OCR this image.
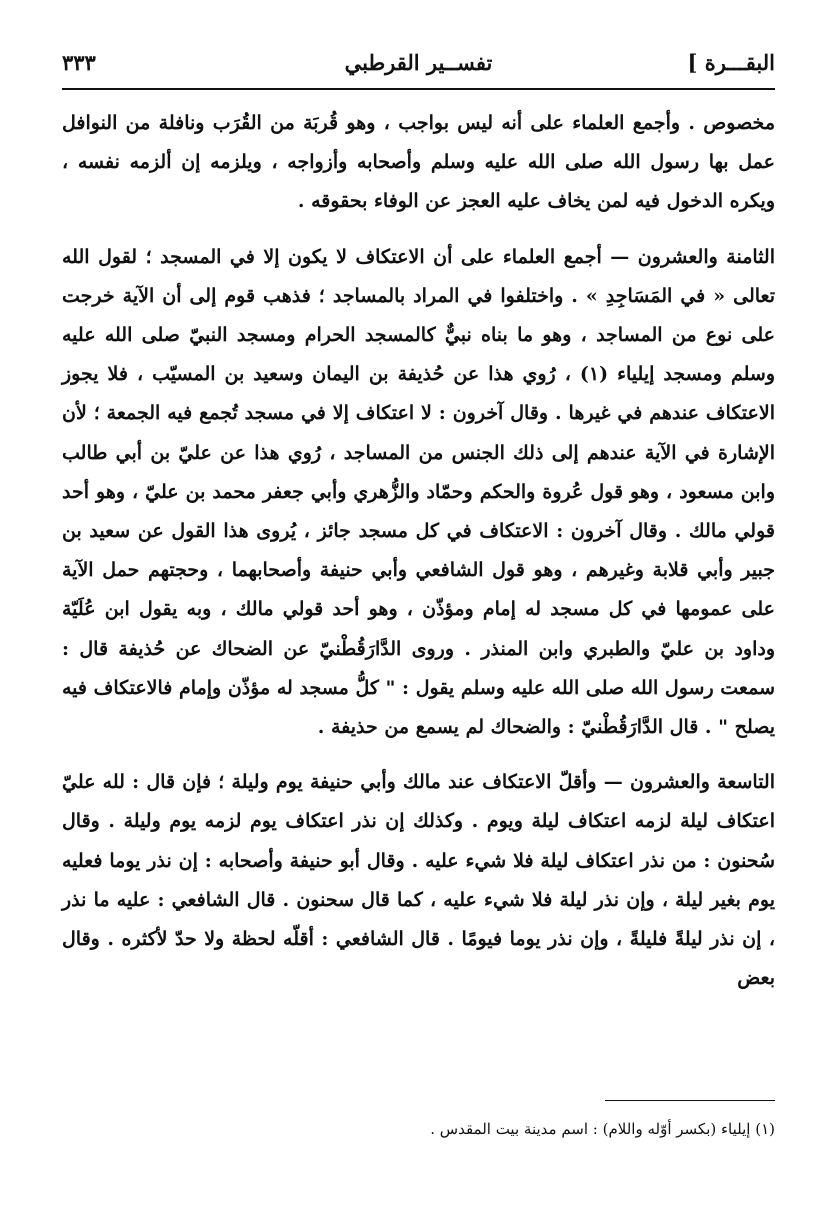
البقـــرة ]
تفســير القرطبي
٣٣٣

مخصوص . وأجمع العلماء على أنه ليس بواجب ، وهو قُربَة من القُرَب ونافلة من النوافل عمل بها رسول الله صلى الله عليه وسلم وأصحابه وأزواجه ، ويلزمه إن ألزمه نفسه ، ويكره الدخول فيه لمن يخاف عليه العجز عن الوفاء بحقوقه .

الثامنة والعشرون — أجمع العلماء على أن الاعتكاف لا يكون إلا في المسجد ؛ لقول الله تعالى « في المَسَاجِدِ » . واختلفوا في المراد بالمساجد ؛ فذهب قوم إلى أن الآية خرجت على نوع من المساجد ، وهو ما بناه نبيٌّ كالمسجد الحرام ومسجد النبيّ صلى الله عليه وسلم ومسجد إيلياء (١) ، رُوي هذا عن حُذيفة بن اليمان وسعيد بن المسيّب ، فلا يجوز الاعتكاف عندهم في غيرها . وقال آخرون : لا اعتكاف إلا في مسجد تُجمع فيه الجمعة ؛ لأن الإشارة في الآية عندهم إلى ذلك الجنس من المساجد ، رُوي هذا عن عليّ بن أبي طالب وابن مسعود ، وهو قول عُروة والحكم وحمّاد والزُّهري وأبي جعفر محمد بن عليّ ، وهو أحد قولي مالك . وقال آخرون : الاعتكاف في كل مسجد جائز ، يُروى هذا القول عن سعيد بن جبير وأبي قلابة وغيرهم ، وهو قول الشافعي وأبي حنيفة وأصحابهما ، وحجتهم حمل الآية على عمومها في كل مسجد له إمام ومؤذّن ، وهو أحد قولي مالك ، وبه يقول ابن عُلَيّة وداود بن عليّ والطبري وابن المنذر . وروى الدَّارَقُطْنيّ عن الضحاك عن حُذيفة قال : سمعت رسول الله صلى الله عليه وسلم يقول : " كلُّ مسجد له مؤذّن وإمام فالاعتكاف فيه يصلح " . قال الدَّارَقُطْنيّ : والضحاك لم يسمع من حذيفة .

التاسعة والعشرون — وأقلّ الاعتكاف عند مالك وأبي حنيفة يوم وليلة ؛ فإن قال : لله عليّ اعتكاف ليلة لزمه اعتكاف ليلة ويوم . وكذلك إن نذر اعتكاف يوم لزمه يوم وليلة . وقال سُحنون : من نذر اعتكاف ليلة فلا شيء عليه . وقال أبو حنيفة وأصحابه : إن نذر يوما فعليه يوم بغير ليلة ، وإن نذر ليلة فلا شيء عليه ، كما قال سحنون . قال الشافعي : عليه ما نذر ، إن نذر ليلةً فليلةً ، وإن نذر يوما فيومًا . قال الشافعي : أقلّه لحظة ولا حدّ لأكثره . وقال بعض

(١) إيلياء (بكسر أوّله واللام) : اسم مدينة بيت المقدس .
